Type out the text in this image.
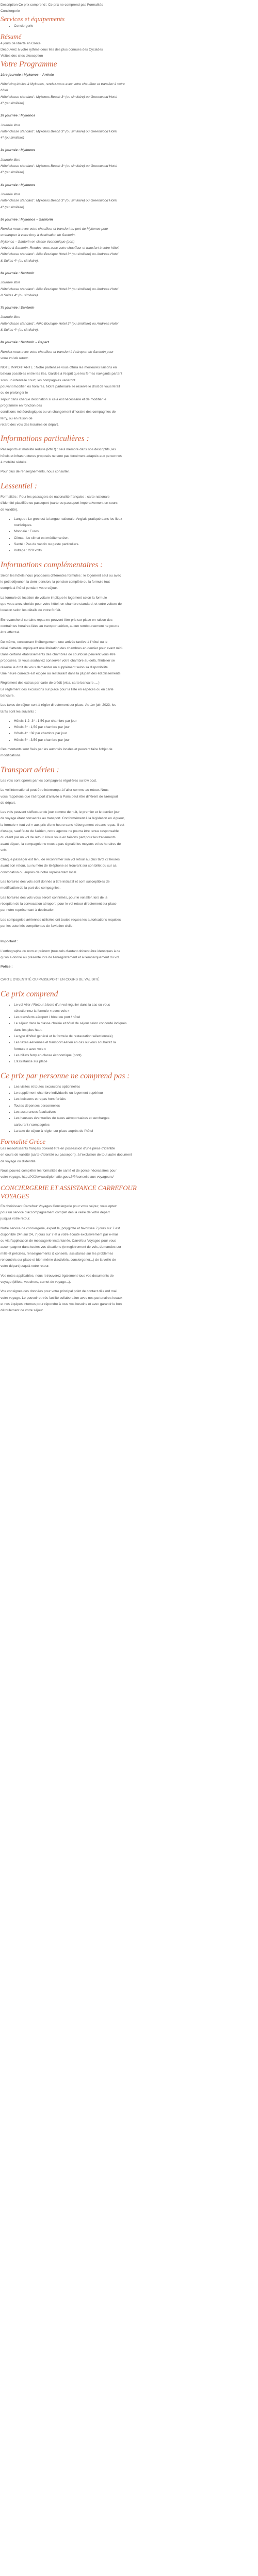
Description Ce prix comprend : Ce prix ne comprend pas Formalités

Conciergerie

Services et équipements
• Conciergerie
Résumé

4 jours de liberté en Grèce

Découvrez à votre rythme deux îles des plus connues des Cyclades

Visites des sites d'exception

Votre Programme

1ère journée : Mykonos – Arrivée

Hôtel cinq étoiles à Mykonos, rendez-vous avec votre chauffeur et transfert à votre

hôtel

Hôtel classe standard : Mykonos Beach 3* (ou similaire) ou Greenwood Hotel

4* (ou similaire)

2e journée : Mykonos

Journée libre

Hôtel classe standard : Mykonos Beach 3* (ou similaire) ou Greenwood Hotel

4* (ou similaire)

3e journée : Mykonos

Journée libre

Hôtel classe standard : Mykonos Beach 3* (ou similaire) ou Greenwood Hotel

4* (ou similaire)

4e journée : Mykonos

Journée libre

Hôtel classe standard : Mykonos Beach 3* (ou similaire) ou Greenwood Hotel

4* (ou similaire)

5e journée : Mykonos – Santorin

Rendez-vous avec votre chauffeur et transfert au port de Mykonos pour

embarquer à votre ferry à destination de Santorin.

Mykonos – Santorin en classe économique (port)

Arrivée à Santorin. Rendez-vous avec votre chauffeur et transfert à votre hôtel.

Hôtel classe standard : Aliko Boutique Hotel 3* (ou similaire) ou Andreas Hotel

& Suites 4* (ou similaire).

6e journée : Santorin

Journée libre

Hôtel classe standard : Aliko Boutique Hotel 3* (ou similaire) ou Andreas Hotel

& Suites 4* (ou similaire).

7e journée : Santorin

Journée libre

Hôtel classe standard : Aliko Boutique Hotel 3* (ou similaire) ou Andreas Hotel

& Suites 4* (ou similaire).

8e journée : Santorin – Départ

Rendez-vous avec votre chauffeur et transfert à l'aéroport de Santorin pour

votre vol de retour.

NOTE IMPORTANTE : Notre partenaire vous offrira les meilleures liaisons en

bateau possibles entre les îles. Gardez à l'esprit que les ferries navigants partent

sous un intervalle court, les compagnies varieront.

pouvant modifier les horaires. Notre partenaire se réserve le droit de vous ferait

ou de prolonger le

séjour dans chaque destination si cela est nécessaire et de modifier le

programme en fonction des

conditions météorologiques ou un changement d'horaire des compagnies de

ferry, ou en raison de

retard des vols des horaires de départ.

Informations particulières :

Passeports et mobilité réduite (PMR) : seul membre dans nos descriptifs, les

hôtels et infrastructures proposés ne sont pas forcément adaptés aux personnes

à mobilité réduite.

Pour plus de renseignements, nous consulter.

Lessentiel :

Formalités : Pour les passagers de nationalité française : carte nationale

d'identité plastifiée ou passeport (carte ou passeport impérativement en cours

de validité).

• Langue : Le grec est la langue nationale. Anglais pratiqué dans les lieux
touristiques.
• Monnaie : Euros.
• Climat : Le climat est méditerranéen.
• Santé : Pas de vaccin ou geste particuliers.
• Voltage : 220 volts.
Informations complémentaires :

Selon les hôtels nous proposons différentes formules : le logement seul ou avec

le petit déjeuner, la demi-pension, la pension complète ou la formule tout

compris à l'hôtel pendant votre séjour.

La formule de location de voiture implique le logement selon la formule

que vous avez choisie pour votre hôtel, en chambre standard, et votre voiture de

location selon les détails de votre forfait.

En revanche si certains repas ne peuvent être pris sur place en raison des

contraintes horaires liées au transport aérien, aucun remboursement ne pourra

être effectué.

De même, concernant l'hébergement, une arrivée tardive à l'hôtel ou le

délai d'attente impliquant une libération des chambres en dernier pour avant midi.

Dans certains établissements des chambres de courtoisie peuvent vous être

proposées. Si vous souhaitez conserver votre chambre au-delà, l'hôtelier se

réserve le droit de vous demander un supplément selon sa disponibilité.

Une heure correcte est exigée au restaurant dans la plupart des établissements.

Règlement des extras par carte de crédit (visa, carte bancaire, ...)

Le règlement des excursions sur place pour la liste en espèces ou en carte

bancaire.

Les taxes de séjour sont à régler directement sur place. Au 1er juin 2023, les

tarifs sont les suivants :

• Hôtels 1-2 -3* : 1,5€ par chambre par jour
• Hôtels 3* : 1,5€ par chambre par jour
• Hôtels 4* : 3€ par chambre par jour
• Hôtels 5* : 3,5€ par chambre par jour

Ces montants sont fixés par les autorités locales et peuvent faire l'objet de

modifications.

Transport aérien :

Les vols sont opérés par les compagnies régulières ou low cost.

Le vol international peut être interrompu à l'aller comme au retour. Nous

vous rappelons que l'aéroport d'arrivée à Paris peut être différent de l'aéroport

de départ.

Les vols peuvent s'effectuer de jour comme de nuit, le premier et le dernier jour

de voyage étant consacrés au transport. Conformément à la législation en vigueur,

la formule « tout vol » aux prix d'une heure sans hébergement et sans repas. Il est

d'usage, sauf faute de l'aérien, notre agence ne pourra être tenue responsable

du client par un vol de retour. Nous vous en faisons part pour les traitements

avant départ, la compagnie ne nous a pas signalé les moyens et les horaires de

vols.

Chaque passager est tenu de reconfirmer son vol retour au plus tard 72 heures

avant son retour, au numéro de téléphone se trouvant sur son billet ou sur sa

convocation ou auprès de notre représentant local.

Les horaires des vols sont donnés à titre indicatif et sont susceptibles de

modification de la part des compagnies.

Les horaires des vols vous seront confirmés, pour le vol aller, lors de la

réception de la convocation aéroport, pour le vol retour directement sur place

par notre représentant à destination.

Les compagnies aériennes utilisées ont toutes reçues les autorisations requises

par les autorités compétentes de l'aviation civile.

Important :

L'orthographe du nom et prénom (tous tels d'autant doivent être identiques à ce

qu'on a donné au présenté lors de l'enregistrement et à l'embarquement du vol.

Police :

CARTE D'IDENTITÉ OU PASSEPORT EN COURS DE VALIDITÉ

Ce prix comprend
• Le vol Aller / Retour à bord d'un vol régulier dans la cas ou vous
sélectionnez la formule « avec vols »
• Les transferts aéroport / hôtel ou port / hôtel
• Le séjour dans la classe choisie et hôtel de séjour selon concordé indiqués
dans les plus haut.
• La type d'hôtel général et la formule de restauration sélectionnée)
• Les taxes aériennes et transport aérien en cas ou vous souhaitez la
formule « avec vols »
• Les billets ferry en classe économique (pont)
• L'assistance sur place
Ce prix par personne ne comprend pas :
• Les visites et toutes excursions optionnelles
• Le supplément chambre individuelle ou logement supérieur
• Les boissons et repas hors forfaits
• Toutes dépenses personnelles
• Les assurances facultatives
• Les hausses éventuelles de taxes aéroportuaires et surcharges
carburant / compagnies
• La taxe de séjour à régler sur place auprès de l'hôtel
Formalité Grèce

Les ressortissants français doivent être en possession d'une pièce d'identité

en cours de validité (carte d'identité ou passeport), à l'exclusion de tout autre document

de voyage ou d'identité.

Nous pouvez compléter les formalités de santé et de police nécessaires pour

votre voyage. http://XXX/www.diplomatie.gouv.fr/fr/conseils-aux-voyageurs/

CONCIERGERIE ET ASSISTANCE CARREFOUR
VOYAGES

En choisissant Carrefour Voyages Conciergerie pour votre séjour, vous optez

pour un service d'accompagnement complet dès la veille de votre départ

jusqu'à votre retour.

Notre service de conciergerie, expert la, polyglotte et favorisée 7 jours sur 7 est

disponible 24h sur 24, 7 jours sur 7 et à votre écoute exclusivement par e-mail

ou via l'application de messagerie instantanée. Carrefour Voyages pour vous

accompagner dans toutes vos situations (enregistrement de vols, demandes sur

mille et précises, renseignements & conseils, assistance sur les problèmes

rencontrés sur place et bien même d'activités, conciergerie(...) de la veille de

votre départ jusqu'à votre retour.

Vos notes applicables, nous retrouverez également tous vos documents de

voyage (billets, vouchers, carnet de voyage...).

Vos consignes des données pour votre principal point de contact dès ord mai

votre voyage. Le pouvoir et très facilité collaboration avec nos partenaires locaux

et nos équipes internes pour répondre à tous vos besoins et avec garantir le bon

déroulement de votre séjour.
